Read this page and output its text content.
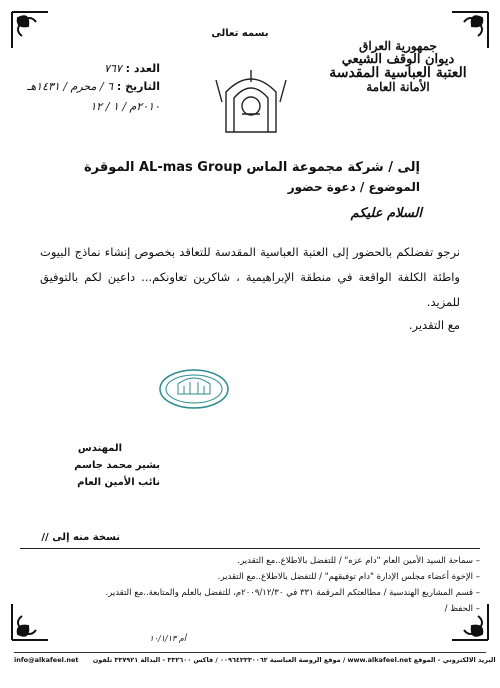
بسمه تعالى
العدد : ٧٦٧
التاريخ : ٦ / محرم / ١٤٣١هـ
٢٠١٠م / ١ / ١٢
جمهورية العراق
ديوان الوقف الشيعي
العتبة العباسية المقدسة
الأمانة العامة
إلى / شركة مجموعة الماس AL-mas Group الموقرة
الموضوع / دعوة حضور
السلام عليكم
نرجو تفضلكم بالحضور إلى العتبة العباسية المقدسة للتعاقد بخصوص إنشاء نماذج البيوت واطئة الكلفة الواقعة في منطقة الإبراهيمية ، شاكرين تعاونكم... داعين لكم بالتوفيق للمزيد.
مع التقدير.
المهندس
بشير محمد جاسم
نائب الأمين العام
نسخة منه إلى //
– سماحة السيد الأمين العام "دام عزه" / للتفضل بالاطلاع..مع التقدير.
– الإخوة أعضاء مجلس الإدارة "دام توفيقهم" / للتفضل بالاطلاع..مع التقدير.
– قسم المشاريع الهندسية / مطالعتكم المرقمة ٣٣١ في ٢٠٠٩/١٢/٣٠م، للتفضل بالعلم والمتابعة..مع التقدير.
– الحفظ /
أم ١٠/١/١٣
info@alkafeel.net البريد الالكتروني - الموقع www.alkafeel.net / موقع الروضة العباسية ٠٠٩٦٤٣٣٣٠٠٦٢ / فاكس ٣٣٢٦٠٠ - البدالة ٣٣٧٩٢١ تلفون
